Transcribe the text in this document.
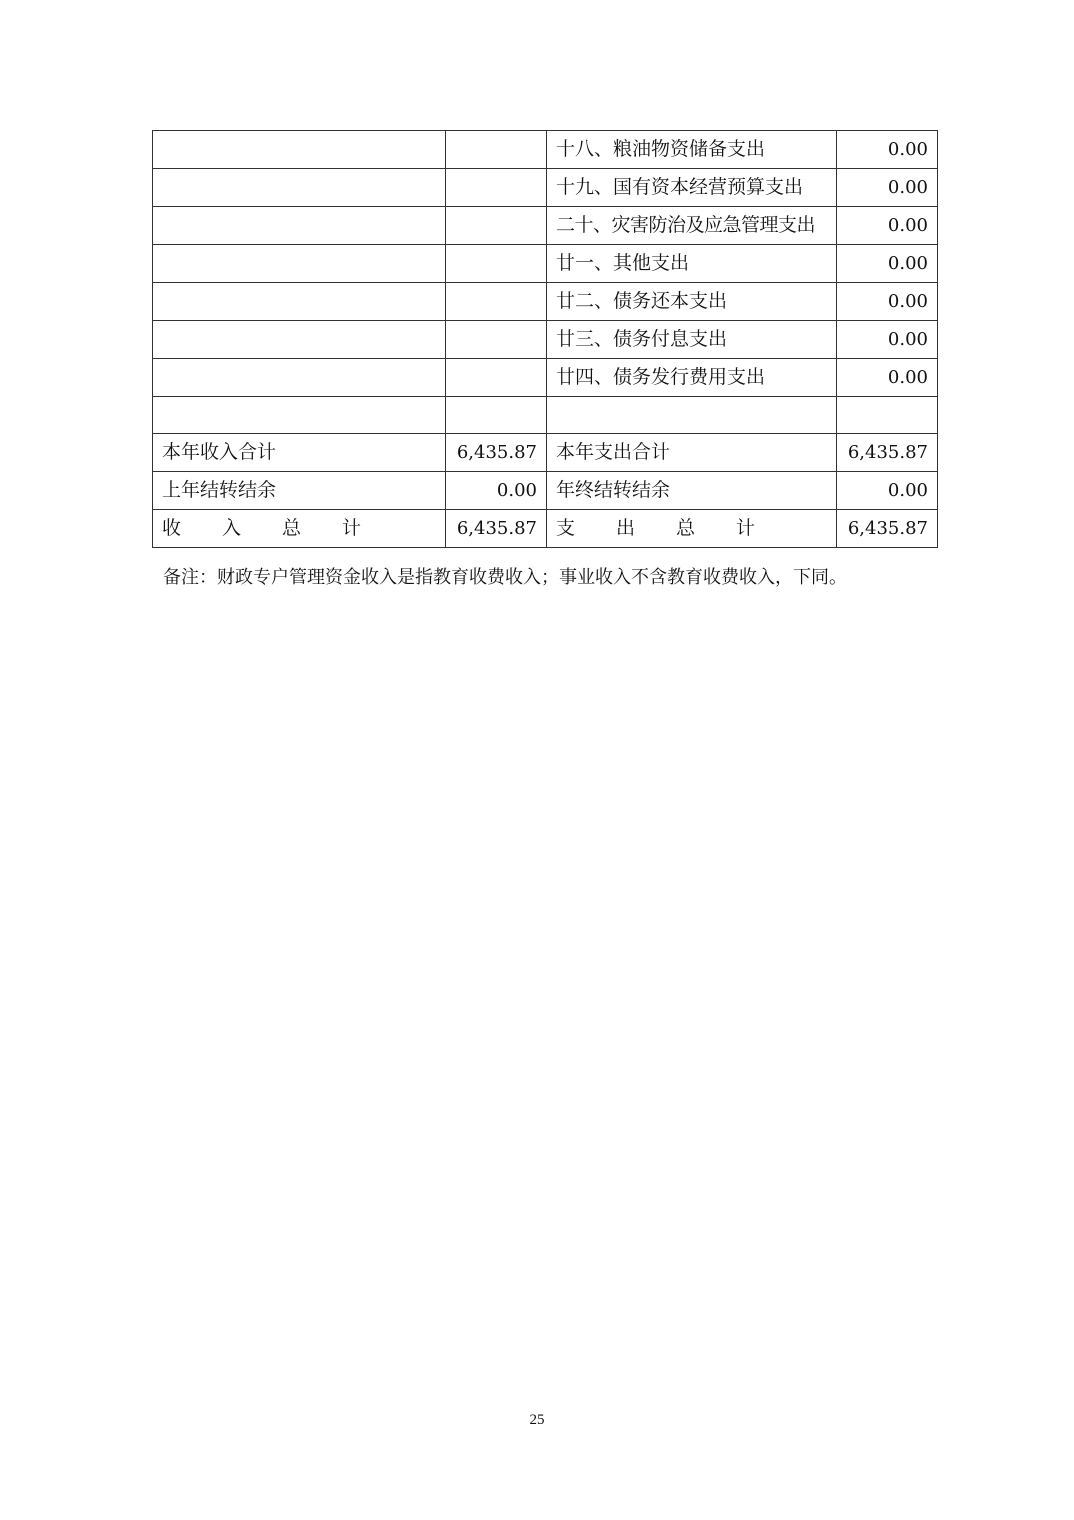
		十八、粮油物资储备支出	0.00
		十九、国有资本经营预算支出	0.00
		二十、灾害防治及应急管理支出	0.00
		廿一、其他支出	0.00
		廿二、债务还本支出	0.00
		廿三、债务付息支出	0.00
		廿四、债务发行费用支出	0.00

本年收入合计	6,435.87	本年支出合计	6,435.87
上年结转结余	0.00	年终结转结余	0.00
收 入 总 计	6,435.87	支 出 总 计	6,435.87
备注：财政专户管理资金收入是指教育收费收入；事业收入不含教育收费收入，下同。
25
